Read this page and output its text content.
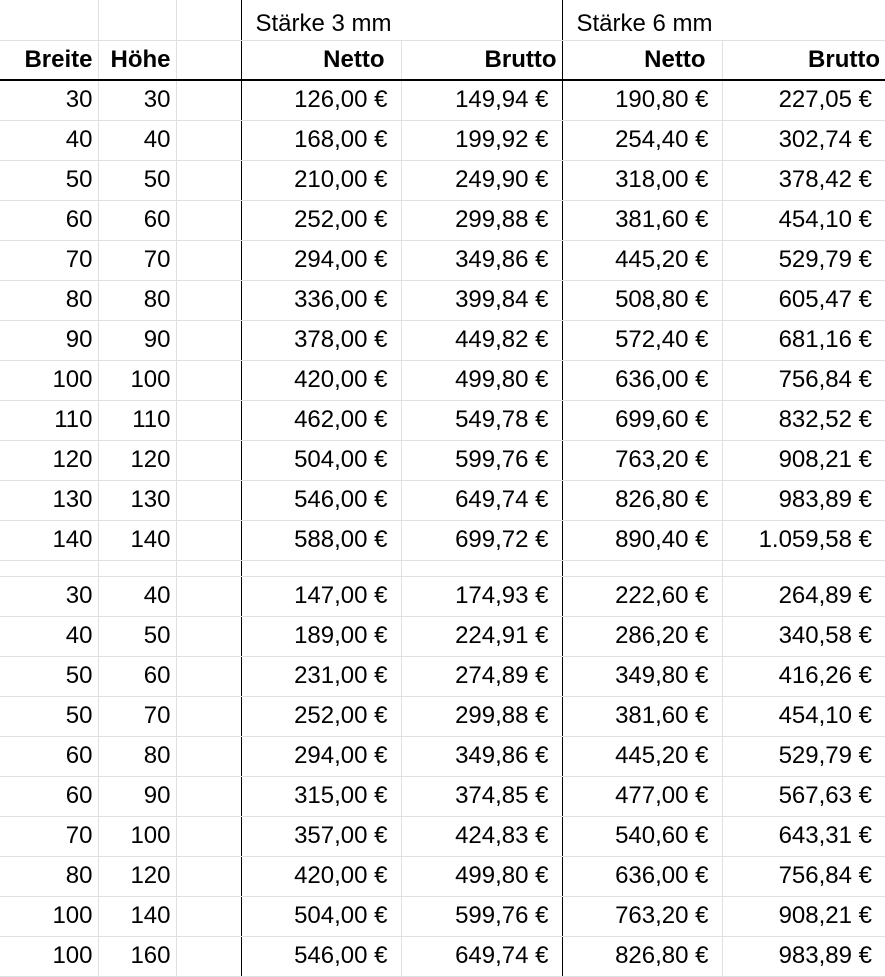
			Stärke 3 mm		Stärke 6 mm	
Breite	Höhe		Netto	Brutto	Netto	Brutto
30	30		126,00 €	149,94 €	190,80 €	227,05 €
40	40		168,00 €	199,92 €	254,40 €	302,74 €
50	50		210,00 €	249,90 €	318,00 €	378,42 €
60	60		252,00 €	299,88 €	381,60 €	454,10 €
70	70		294,00 €	349,86 €	445,20 €	529,79 €
80	80		336,00 €	399,84 €	508,80 €	605,47 €
90	90		378,00 €	449,82 €	572,40 €	681,16 €
100	100		420,00 €	499,80 €	636,00 €	756,84 €
110	110		462,00 €	549,78 €	699,60 €	832,52 €
120	120		504,00 €	599,76 €	763,20 €	908,21 €
130	130		546,00 €	649,74 €	826,80 €	983,89 €
140	140		588,00 €	699,72 €	890,40 €	1.059,58 €

30	40		147,00 €	174,93 €	222,60 €	264,89 €
40	50		189,00 €	224,91 €	286,20 €	340,58 €
50	60		231,00 €	274,89 €	349,80 €	416,26 €
50	70		252,00 €	299,88 €	381,60 €	454,10 €
60	80		294,00 €	349,86 €	445,20 €	529,79 €
60	90		315,00 €	374,85 €	477,00 €	567,63 €
70	100		357,00 €	424,83 €	540,60 €	643,31 €
80	120		420,00 €	499,80 €	636,00 €	756,84 €
100	140		504,00 €	599,76 €	763,20 €	908,21 €
100	160		546,00 €	649,74 €	826,80 €	983,89 €
